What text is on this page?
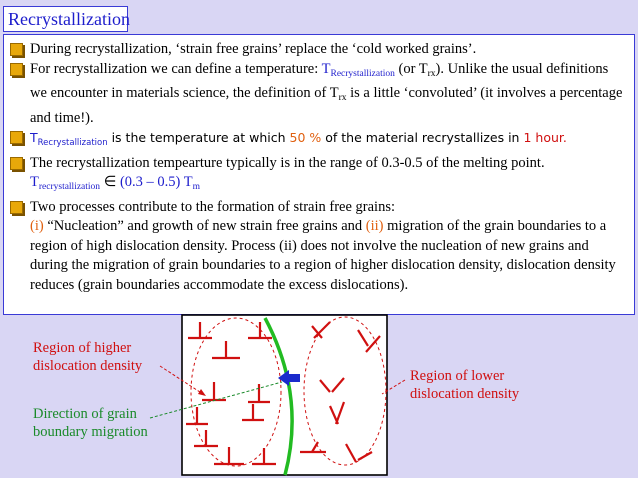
Recrystallization

During recrystallization, ‘strain free grains’ replace the ‘cold worked grains’.

For recrystallization we can define a temperature: $T_{Recrystallization}$ (or $T_{rx}$). Unlike the usual definitions we encounter in materials science, the definition of $T_{rx}$ is a little ‘convoluted’ (it involves a percentage and time!).

$T_{Recrystallization}$ is the temperature at which 50 % of the material recrystallizes in 1 hour.

The recrystallization tempearture typically is in the range of 0.3-0.5 of the melting point.
$T_{recrystallization}$ ∈ (0.3 – 0.5) $T_m$

Two processes contribute to the formation of strain free grains:
(i) “Nucleation” and growth of new strain free grains and (ii) migration of the grain boundaries to a region of high dislocation density. Process (ii) does not involve the nucleation of new grains and during the migration of grain boundaries to a region of higher dislocation density, dislocation density reduces (grain boundaries accommodate the excess dislocations).

Region of higher
dislocation density
Region of lower
dislocation density
Direction of grain
boundary migration
